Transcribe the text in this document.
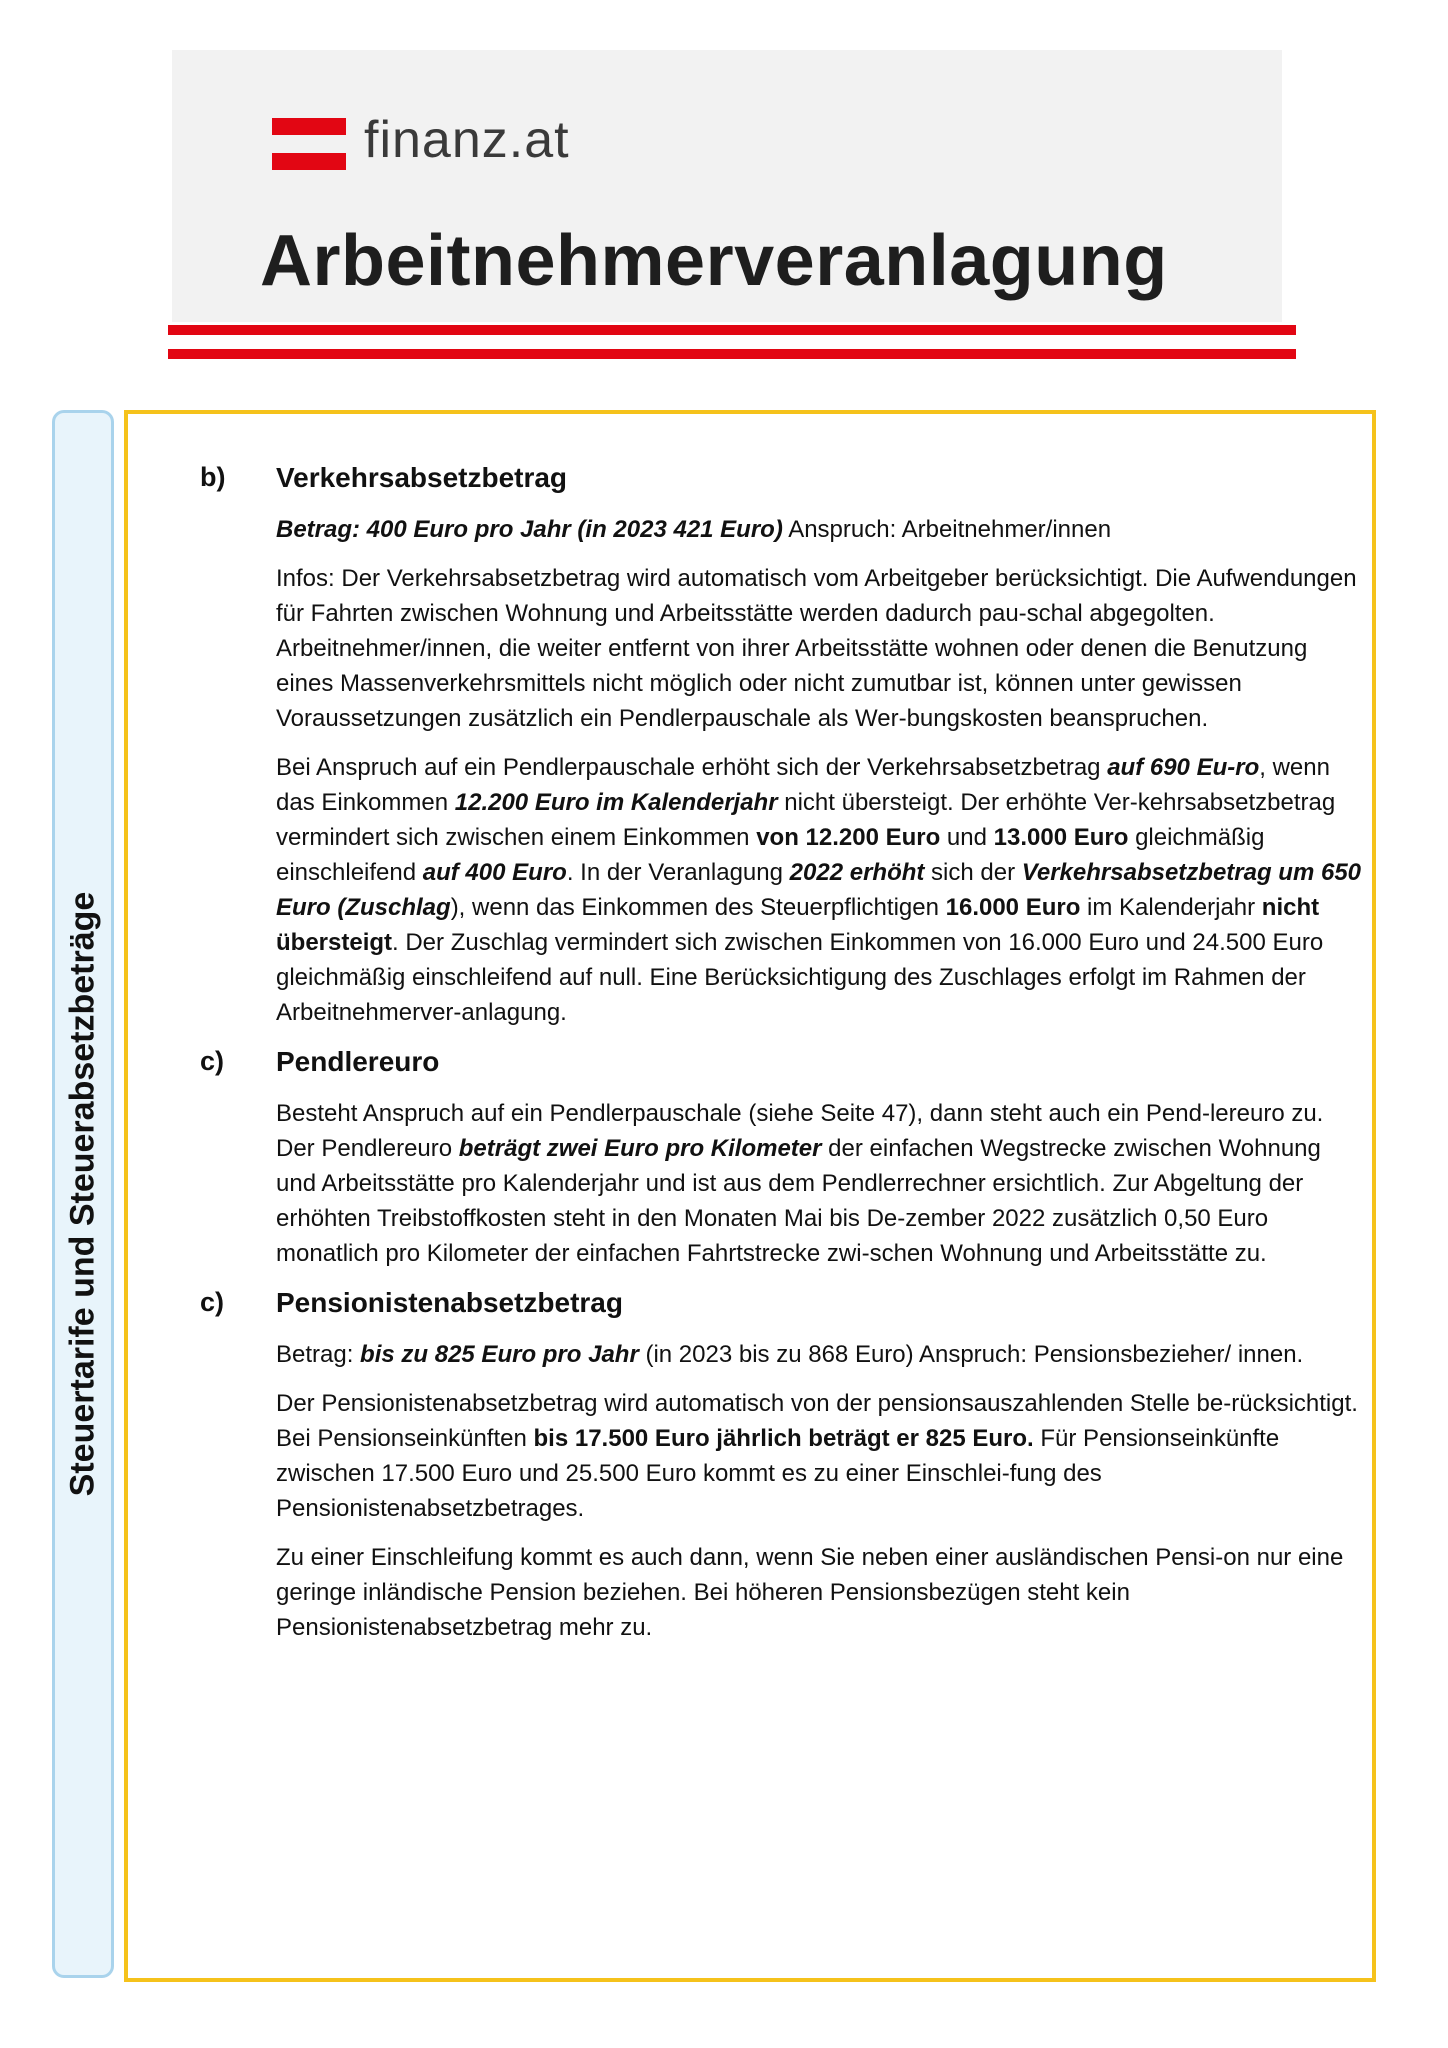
finanz.at
Arbeitnehmerveranlagung
Steuertarife und Steuerabsetzbeträge
b) Verkehrsabsetzbetrag

Betrag: 400 Euro pro Jahr (in 2023 421 Euro) Anspruch: Arbeitnehmer/innen

Infos: Der Verkehrsabsetzbetrag wird automatisch vom Arbeitgeber berücksichtigt. Die Aufwendungen für Fahrten zwischen Wohnung und Arbeitsstätte werden dadurch pau-schal abgegolten. Arbeitnehmer/innen, die weiter entfernt von ihrer Arbeitsstätte wohnen oder denen die Benutzung eines Massenverkehrsmittels nicht möglich oder nicht zumutbar ist, können unter gewissen Voraussetzungen zusätzlich ein Pendlerpauschale als Wer-bungskosten beanspruchen.

Bei Anspruch auf ein Pendlerpauschale erhöht sich der Verkehrsabsetzbetrag auf 690 Eu-ro, wenn das Einkommen 12.200 Euro im Kalenderjahr nicht übersteigt. Der erhöhte Ver-kehrsabsetzbetrag vermindert sich zwischen einem Einkommen von 12.200 Euro und 13.000 Euro gleichmäßig einschleifend auf 400 Euro. In der Veranlagung 2022 erhöht sich der Verkehrsabsetzbetrag um 650 Euro (Zuschlag), wenn das Einkommen des Steuerpflichtigen 16.000 Euro im Kalenderjahr nicht übersteigt. Der Zuschlag vermindert sich zwischen Einkommen von 16.000 Euro und 24.500 Euro gleichmäßig einschleifend auf null. Eine Berücksichtigung des Zuschlages erfolgt im Rahmen der Arbeitnehmerver-anlagung.

c) Pendlereuro

Besteht Anspruch auf ein Pendlerpauschale (siehe Seite 47), dann steht auch ein Pend-lereuro zu. Der Pendlereuro beträgt zwei Euro pro Kilometer der einfachen Wegstrecke zwischen Wohnung und Arbeitsstätte pro Kalenderjahr und ist aus dem Pendlerrechner ersichtlich. Zur Abgeltung der erhöhten Treibstoffkosten steht in den Monaten Mai bis De-zember 2022 zusätzlich 0,50 Euro monatlich pro Kilometer der einfachen Fahrtstrecke zwi-schen Wohnung und Arbeitsstätte zu.

c) Pensionistenabsetzbetrag

Betrag: bis zu 825 Euro pro Jahr (in 2023 bis zu 868 Euro) Anspruch: Pensionsbezieher/ innen.

Der Pensionistenabsetzbetrag wird automatisch von der pensionsauszahlenden Stelle be-rücksichtigt. Bei Pensionseinkünften bis 17.500 Euro jährlich beträgt er 825 Euro. Für Pensionseinkünfte zwischen 17.500 Euro und 25.500 Euro kommt es zu einer Einschlei-fung des Pensionistenabsetzbetrages.

Zu einer Einschleifung kommt es auch dann, wenn Sie neben einer ausländischen Pensi-on nur eine geringe inländische Pension beziehen. Bei höheren Pensionsbezügen steht kein Pensionistenabsetzbetrag mehr zu.
